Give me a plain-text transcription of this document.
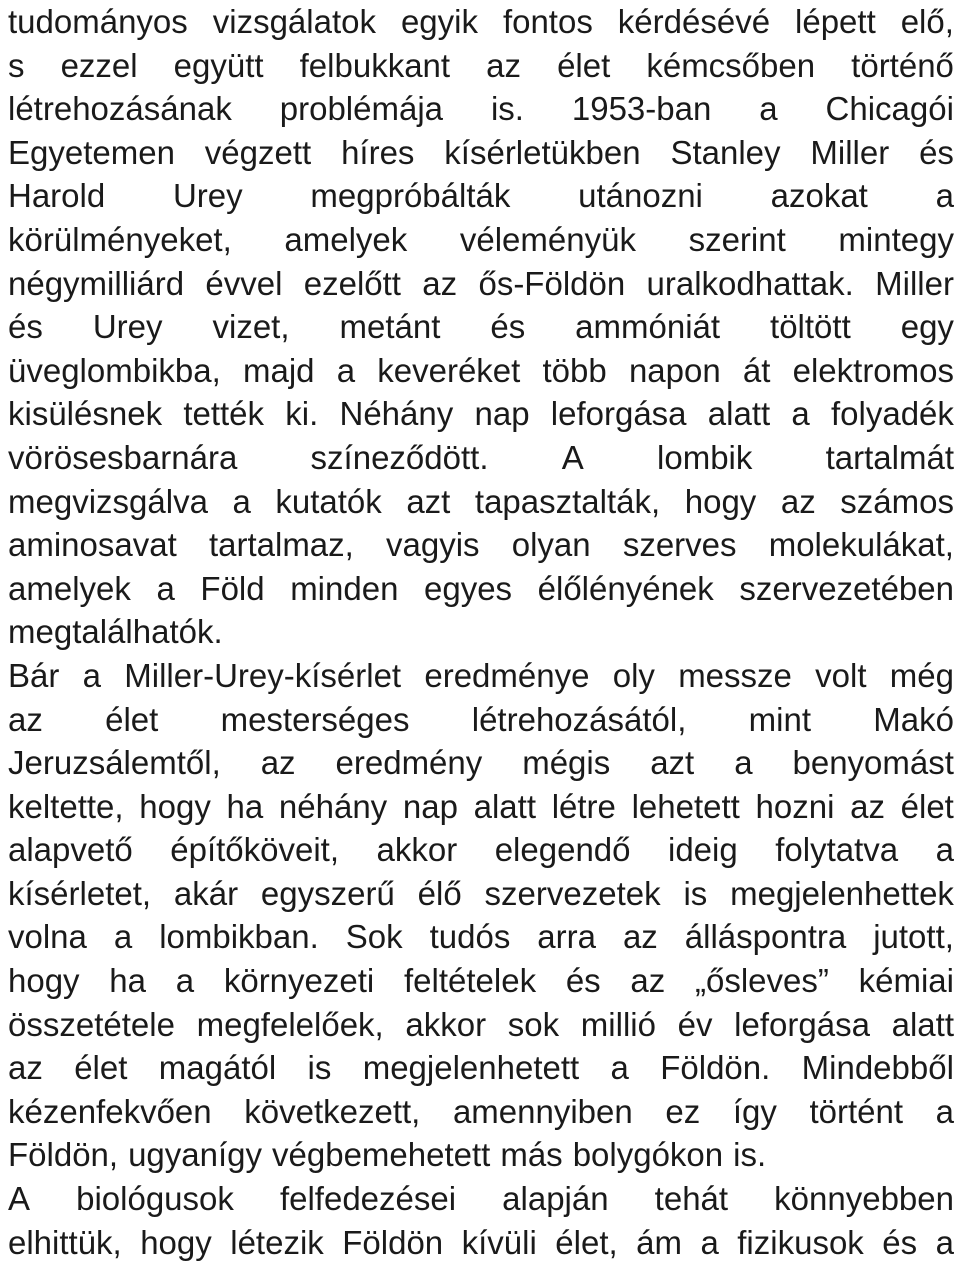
tudományos vizsgálatok egyik fontos kérdésévé lépett elő,
s ezzel együtt felbukkant az élet kémcsőben történő
létrehozásának problémája is. 1953-ban a Chicagói
Egyetemen végzett híres kísérletükben Stanley Miller és
Harold Urey megpróbálták utánozni azokat a
körülményeket, amelyek véleményük szerint mintegy
négymilliárd évvel ezelőtt az ős-Földön uralkodhattak. Miller
és Urey vizet, metánt és ammóniát töltött egy
üveglombikba, majd a keveréket több napon át elektromos
kisülésnek tették ki. Néhány nap leforgása alatt a folyadék
vörösesbarnára színeződött. A lombik tartalmát
megvizsgálva a kutatók azt tapasztalták, hogy az számos
aminosavat tartalmaz, vagyis olyan szerves molekulákat,
amelyek a Föld minden egyes élőlényének szervezetében
megtalálhatók.
Bár a Miller-Urey-kísérlet eredménye oly messze volt még
az élet mesterséges létrehozásától, mint Makó
Jeruzsálemtől, az eredmény mégis azt a benyomást
keltette, hogy ha néhány nap alatt létre lehetett hozni az élet
alapvető építőköveit, akkor elegendő ideig folytatva a
kísérletet, akár egyszerű élő szervezetek is megjelenhettek
volna a lombikban. Sok tudós arra az álláspontra jutott,
hogy ha a környezeti feltételek és az „ősleves” kémiai
összetétele megfelelőek, akkor sok millió év leforgása alatt
az élet magától is megjelenhetett a Földön. Mindebből
kézenfekvően következett, amennyiben ez így történt a
Földön, ugyanígy végbemehetett más bolygókon is.
A biológusok felfedezései alapján tehát könnyebben
elhittük, hogy létezik Földön kívüli élet, ám a fizikusok és a
